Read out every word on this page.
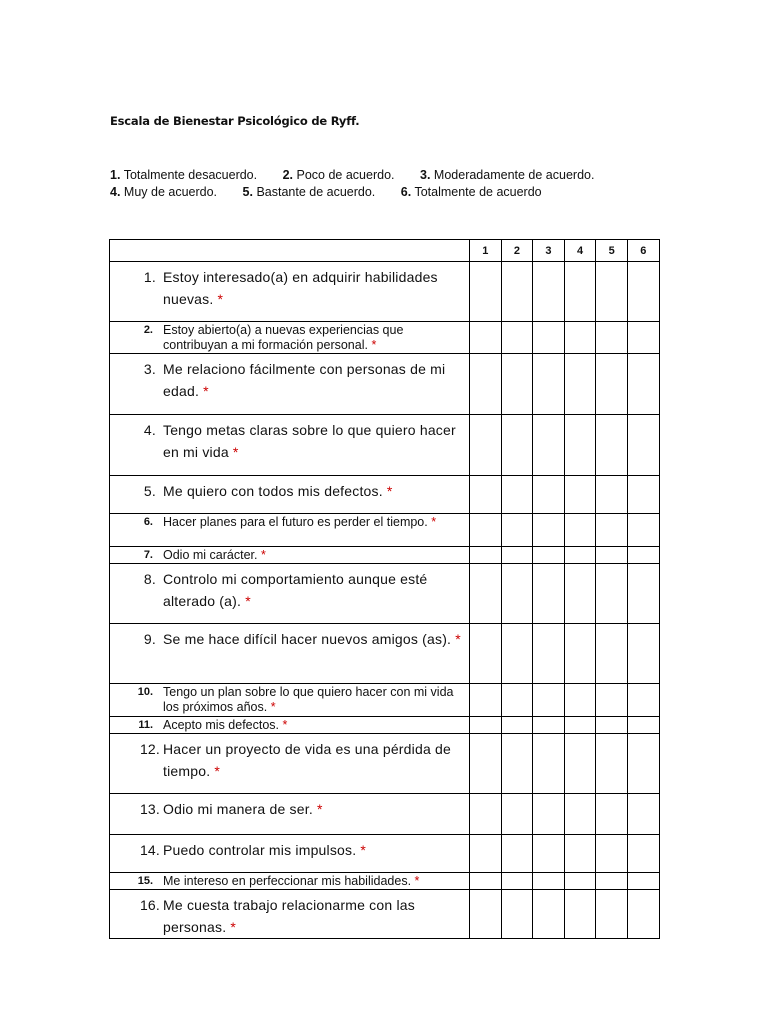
Escala de Bienestar Psicológico de Ryff.
1. Totalmente desacuerdo. 2. Poco de acuerdo. 3. Moderadamente de acuerdo.
4. Muy de acuerdo. 5. Bastante de acuerdo. 6. Totalmente de acuerdo
	1	2	3	4	5	6

1. Estoy interesado(a) en adquirir habilidades nuevas. *						

2. Estoy abierto(a) a nuevas experiencias que contribuyan a mi formación personal. *						

3. Me relaciono fácilmente con personas de mi edad. *						

4. Tengo metas claras sobre lo que quiero hacer en mi vida *						

5. Me quiero con todos mis defectos. *						

6. Hacer planes para el futuro es perder el tiempo. *						

7. Odio mi carácter. *						

8. Controlo mi comportamiento aunque esté alterado (a). *						

9. Se me hace difícil hacer nuevos amigos (as). *						

10. Tengo un plan sobre lo que quiero hacer con mi vida los próximos años. *						

11. Acepto mis defectos. *						

12. Hacer un proyecto de vida es una pérdida de tiempo. *						

13. Odio mi manera de ser. *						

14. Puedo controlar mis impulsos. *						

15. Me intereso en perfeccionar mis habilidades. *						

16. Me cuesta trabajo relacionarme con las personas. *						
